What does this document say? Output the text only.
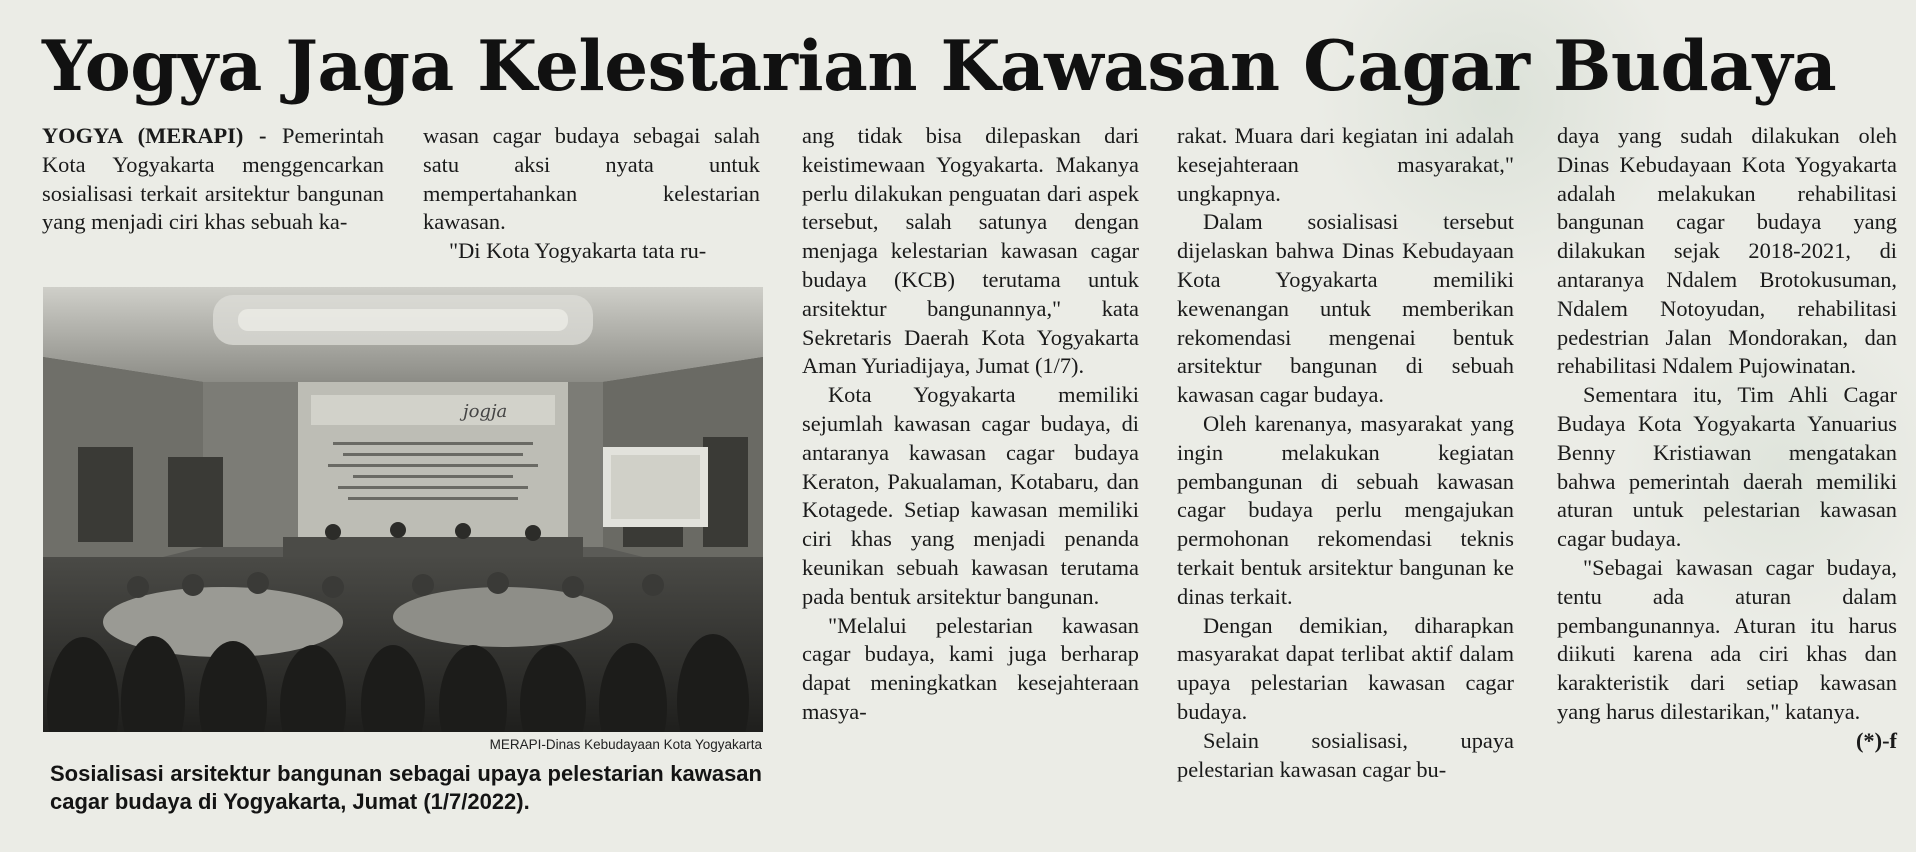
Yogya Jaga Kelestarian Kawasan Cagar Budaya

YOGYA (MERAPI) - Pemerintah Kota Yogyakarta menggencarkan sosialisasi terkait arsitektur bangunan yang menjadi ciri khas sebuah ka-

jogja
MERAPI-Dinas Kebudayaan Kota Yogyakarta

Sosialisasi arsitektur bangunan sebagai upaya pelestarian kawasan cagar budaya di Yogyakarta, Jumat (1/7/2022).

wasan cagar budaya sebagai salah satu aksi nyata untuk mempertahankan kelestarian kawasan.

"Di Kota Yogyakarta tata ru-

ang tidak bisa dilepaskan dari keistimewaan Yogyakarta. Makanya perlu dilakukan penguatan dari aspek tersebut, salah satunya dengan menjaga kelestarian kawasan cagar budaya (KCB) terutama untuk arsitektur bangunannya," kata Sekretaris Daerah Kota Yogyakarta Aman Yuriadijaya, Jumat (1/7).

Kota Yogyakarta memiliki sejumlah kawasan cagar budaya, di antaranya kawasan cagar budaya Keraton, Pakualaman, Kotabaru, dan Kotagede. Setiap kawasan memiliki ciri khas yang menjadi penanda keunikan sebuah kawasan terutama pada bentuk arsitektur bangunan.

"Melalui pelestarian kawasan cagar budaya, kami juga berharap dapat meningkatkan kesejahteraan masya-

rakat. Muara dari kegiatan ini adalah kesejahteraan masyarakat," ungkapnya.

Dalam sosialisasi tersebut dijelaskan bahwa Dinas Kebudayaan Kota Yogyakarta memiliki kewenangan untuk memberikan rekomendasi mengenai bentuk arsitektur bangunan di sebuah kawasan cagar budaya.

Oleh karenanya, masyarakat yang ingin melakukan kegiatan pembangunan di sebuah kawasan cagar budaya perlu mengajukan permohonan rekomendasi teknis terkait bentuk arsitektur bangunan ke dinas terkait.

Dengan demikian, diharapkan masyarakat dapat terlibat aktif dalam upaya pelestarian kawasan cagar budaya.

Selain sosialisasi, upaya pelestarian kawasan cagar bu-

daya yang sudah dilakukan oleh Dinas Kebudayaan Kota Yogyakarta adalah melakukan rehabilitasi bangunan cagar budaya yang dilakukan sejak 2018-2021, di antaranya Ndalem Brotokusuman, Ndalem Notoyudan, rehabilitasi pedestrian Jalan Mondorakan, dan rehabilitasi Ndalem Pujowinatan.

Sementara itu, Tim Ahli Cagar Budaya Kota Yogyakarta Yanuarius Benny Kristiawan mengatakan bahwa pemerintah daerah memiliki aturan untuk pelestarian kawasan cagar budaya.

"Sebagai kawasan cagar budaya, tentu ada aturan dalam pembangunannya. Aturan itu harus diikuti karena ada ciri khas dan karakteristik dari setiap kawasan yang harus dilestarikan," katanya.
(*)-f
